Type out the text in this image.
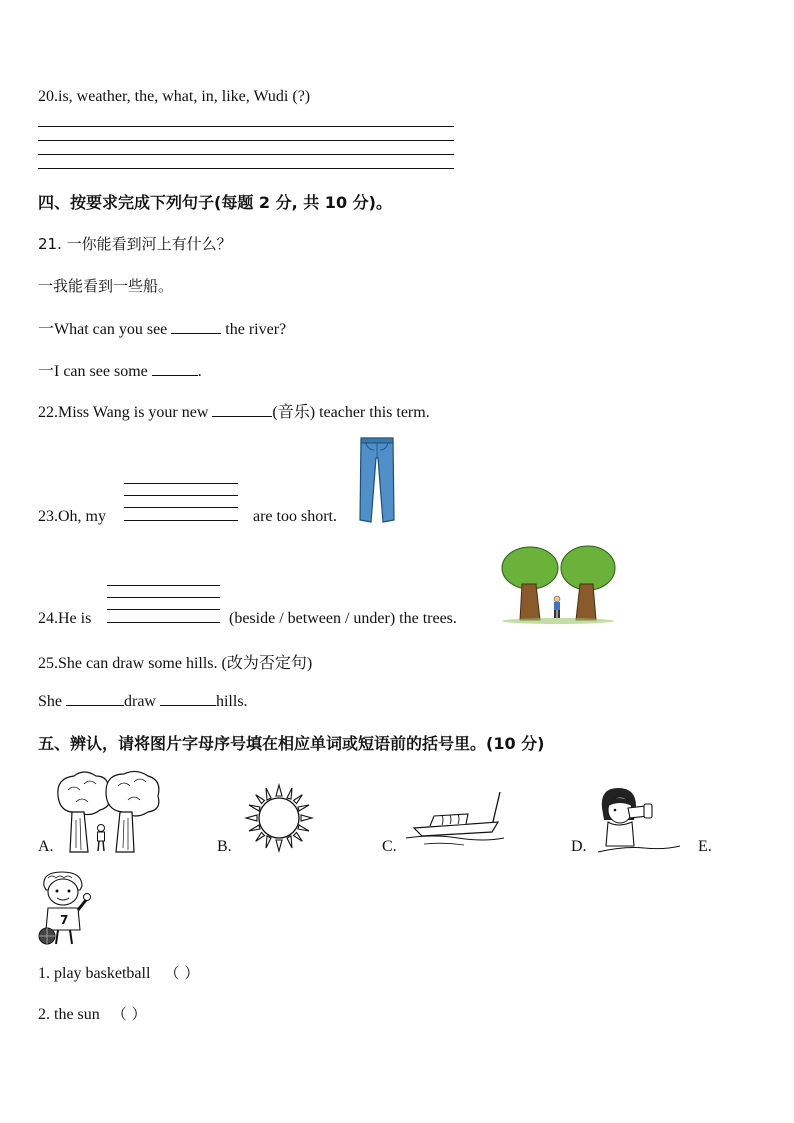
20.is, weather, the, what, in, like, Wudi (?)
四、按要求完成下列句子(每题 2 分, 共 10 分)。
21. 一你能看到河上有什么？
一我能看到一些船。
一What can you see	the river?
一I can see some	.
22.Miss Wang is your new	(音乐) teacher this term.
23.Oh, my	are too short.
24.He is	(beside / between / under) the trees.
25.She can draw some hills. (改为否定句)
She	draw	hills.
五、辨认，请将图片字母序号填在相应单词或短语前的括号里。(10 分)
A.	B.	C.	D.	E.
7
1. play basketball （ ）
2. the sun （ ）
